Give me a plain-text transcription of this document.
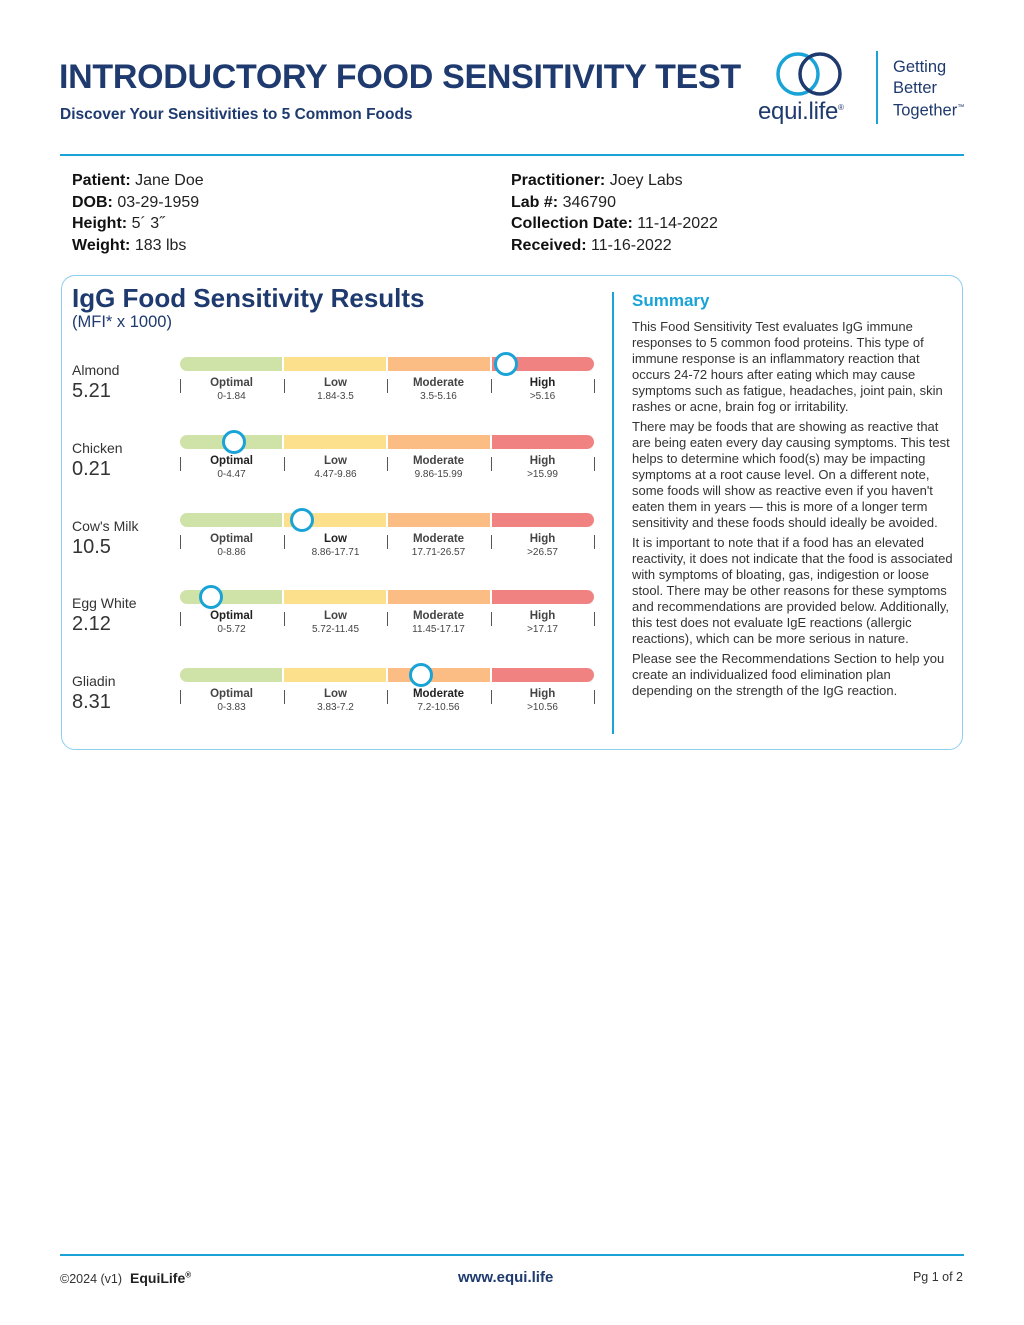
INTRODUCTORY FOOD SENSITIVITY TEST
Discover Your Sensitivities to 5 Common Foods	equi.life®
Getting
Better
Together™
Patient: Jane Doe
DOB: 03-29-1959
Height: 5´ 3˝
Weight: 183 lbs
Practitioner: Joey Labs
Lab #: 346790
Collection Date: 11-14-2022
Received: 11-16-2022
IgG Food Sensitivity Results
(MFI* x 1000)
Almond
5.21	Optimal
0-1.84
Low
1.84-3.5
Moderate
3.5-5.16
High
>5.16
Chicken
0.21	Optimal
0-4.47
Low
4.47-9.86
Moderate
9.86-15.99
High
>15.99
Cow's Milk
10.5	Optimal
0-8.86
Low
8.86-17.71
Moderate
17.71-26.57
High
>26.57
Egg White
2.12	Optimal
0-5.72
Low
5.72-11.45
Moderate
11.45-17.17
High
>17.17
Gliadin
8.31	Optimal
0-3.83
Low
3.83-7.2
Moderate
7.2-10.56
High
>10.56
Summary

This Food Sensitivity Test evaluates IgG immune responses to 5 common food proteins. This type of immune response is an inflammatory reaction that occurs 24-72 hours after eating which may cause symptoms such as fatigue, headaches, joint pain, skin rashes or acne, brain fog or irritability.

There may be foods that are showing as reactive that are being eaten every day causing symptoms. This test helps to determine which food(s) may be impacting symptoms at a root cause level. On a different note, some foods will show as reactive even if you haven't eaten them in years — this is more of a longer term sensitivity and these foods should ideally be avoided.

It is important to note that if a food has an elevated reactivity, it does not indicate that the food is associated with symptoms of bloating, gas, indigestion or loose stool. There may be other reasons for these symptoms and recommendations are provided below. Additionally, this test does not evaluate IgE reactions (allergic reactions), which can be more serious in nature.

Please see the Recommendations Section to help you create an individualized food elimination plan depending on the strength of the IgG reaction.

©2024 (v1) EquiLife®	www.equi.life	Pg 1 of 2
